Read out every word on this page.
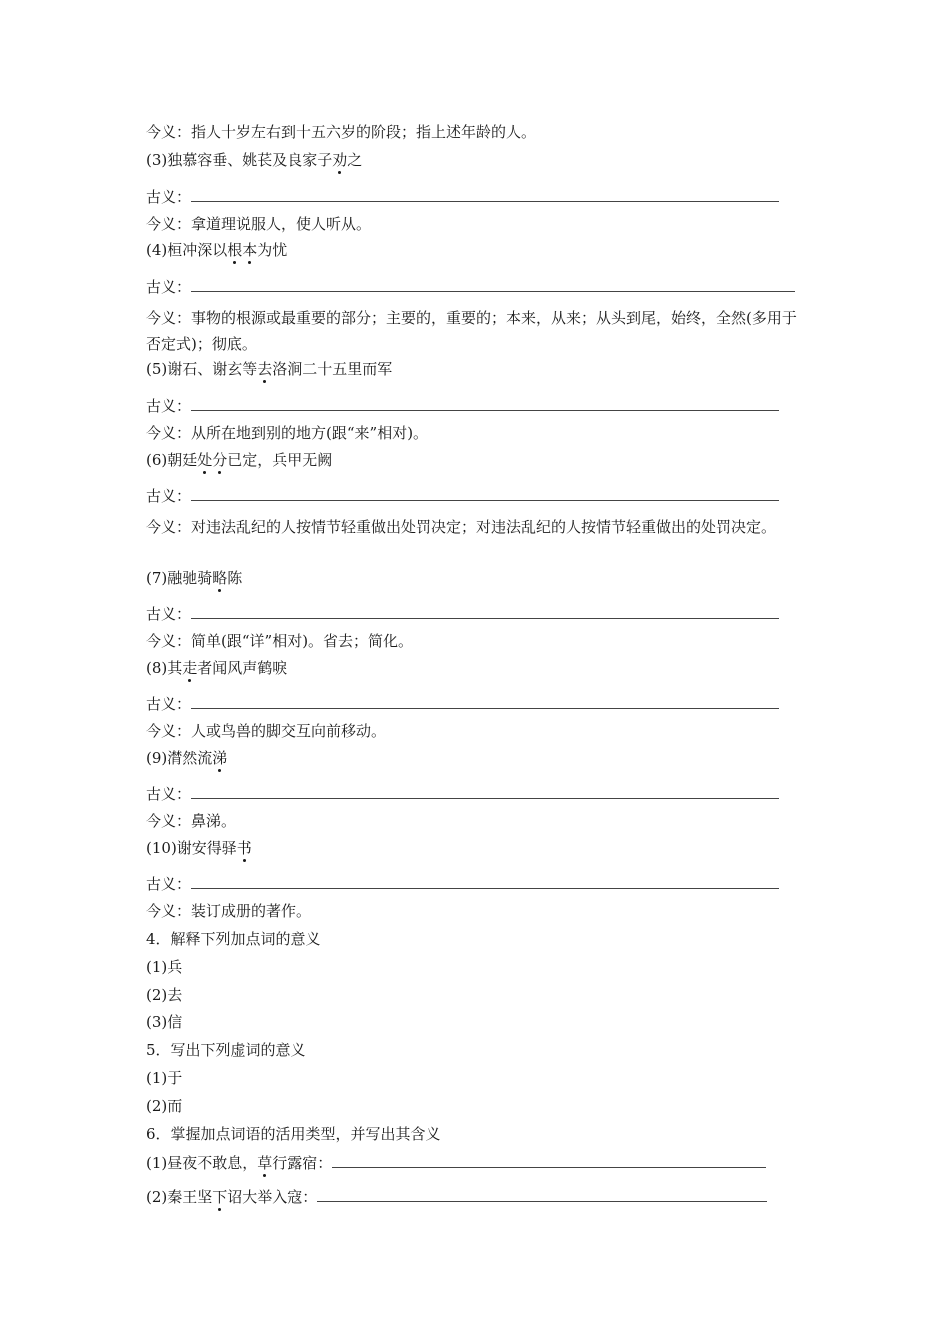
今义：指人十岁左右到十五六岁的阶段；指上述年龄的人。
(3)独慕容垂、姚苌及良家子劝之
古义：
今义：拿道理说服人，使人听从。
(4)桓冲深以根本为忧
古义：
今义：事物的根源或最重要的部分；主要的，重要的；本来，从来；从头到尾，始终，全然(多用于否定式)；彻底。
(5)谢石、谢玄等去洛涧二十五里而军
古义：
今义：从所在地到别的地方(跟“来”相对)。
(6)朝廷处分已定，兵甲无阙
古义：
今义：对违法乱纪的人按情节轻重做出处罚决定；对违法乱纪的人按情节轻重做出的处罚决定。
(7)融驰骑略陈
古义：
今义：简单(跟“详”相对)。省去；简化。
(8)其走者闻风声鹤唳
古义：
今义：人或鸟兽的脚交互向前移动。
(9)潸然流涕
古义：
今义：鼻涕。
(10)谢安得驿书
古义：
今义：装订成册的著作。
4．解释下列加点词的意义
(1)兵
(2)去
(3)信
5．写出下列虚词的意义
(1)于
(2)而
6．掌握加点词语的活用类型，并写出其含义
(1)昼夜不敢息，草行露宿：
(2)秦王坚下诏大举入寇：
